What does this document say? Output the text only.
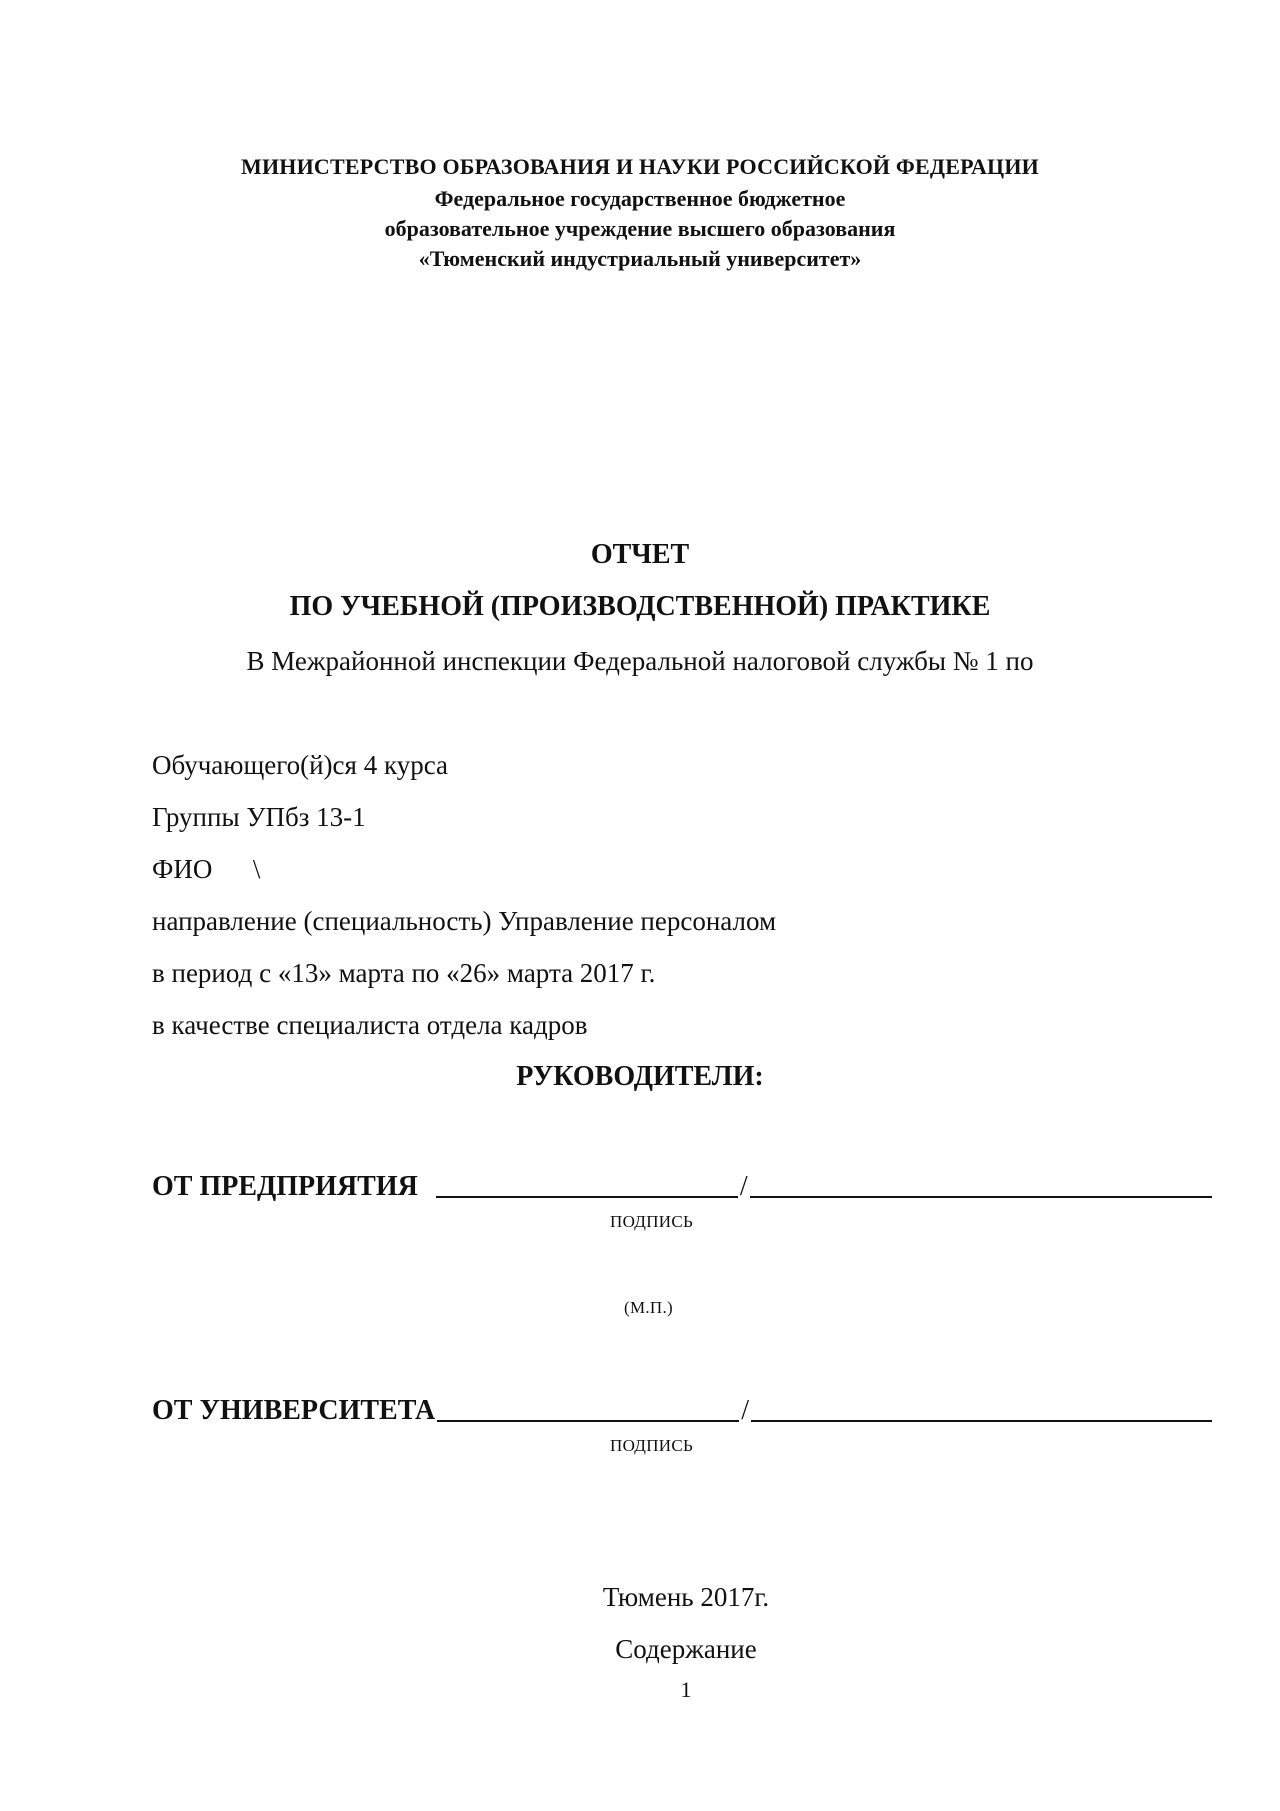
МИНИСТЕРСТВО ОБРАЗОВАНИЯ И НАУКИ РОССИЙСКОЙ ФЕДЕРАЦИИ
Федеральное государственное бюджетное
образовательное учреждение высшего образования
«Тюменский индустриальный университет»
ОТЧЕТ
ПО УЧЕБНОЙ (ПРОИЗВОДСТВЕННОЙ) ПРАКТИКЕ
В Межрайонной инспекции Федеральной налоговой службы № 1 по
Обучающего(й)ся 4 курса
Группы УПбз 13-1
ФИО      \
направление (специальность) Управление персоналом
в период с «13» марта по «26» марта 2017 г.
в качестве специалиста отдела кадров
РУКОВОДИТЕЛИ:
ОТ ПРЕДПРИЯТИЯ	/
ПОДПИСЬ
(М.П.)
ОТ УНИВЕРСИТЕТА	/
ПОДПИСЬ
Тюмень 2017г.
Содержание
1
